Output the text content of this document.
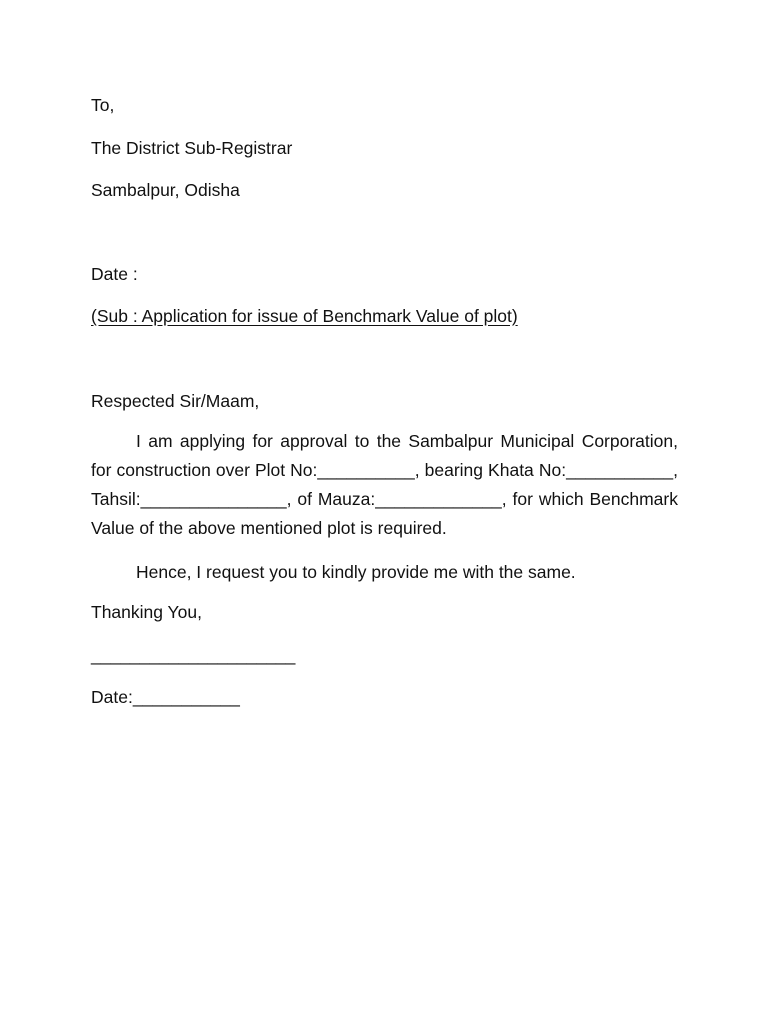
To,
The District Sub-Registrar
Sambalpur, Odisha
Date :
(Sub : Application for issue of Benchmark Value of plot)
Respected Sir/Maam,
I am applying for approval to the Sambalpur Municipal Corporation, for construction over Plot No:__________, bearing Khata No:___________, Tahsil:_______________, of Mauza:_____________, for which Benchmark Value of the above mentioned plot is required.
Hence, I request you to kindly provide me with the same.
Thanking You,
_____________________
Date:___________
